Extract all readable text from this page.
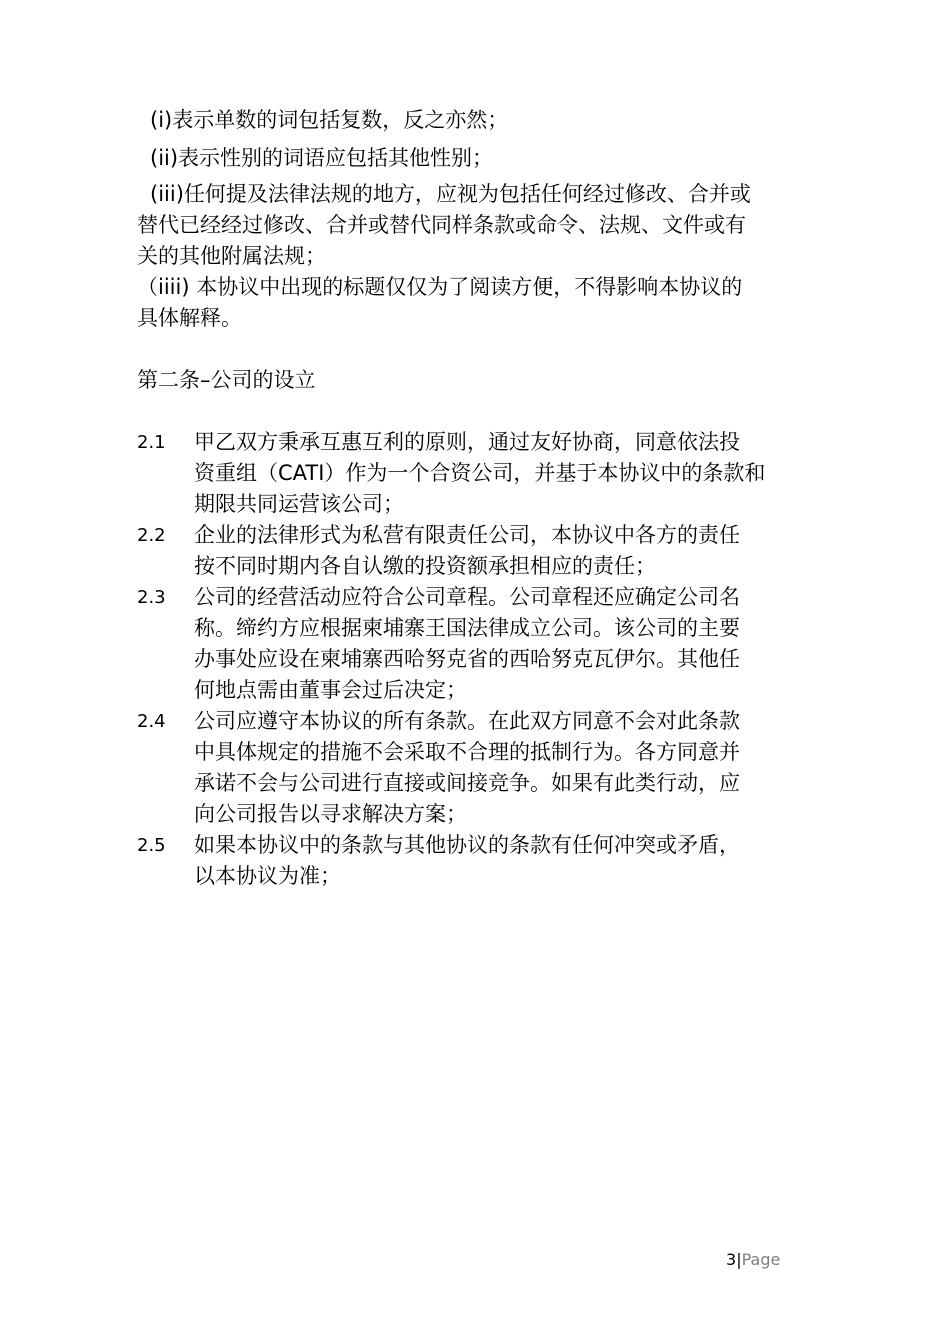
(i)表示单数的词包括复数，反之亦然；
(ii)表示性别的词语应包括其他性别；
(iii)任何提及法律法规的地方，应视为包括任何经过修改、合并或
替代已经经过修改、合并或替代同样条款或命令、法规、文件或有
关的其他附属法规；
（iiii) 本协议中出现的标题仅仅为了阅读方便，不得影响本协议的
具体解释。
第二条–公司的设立
2.1	甲乙双方秉承互惠互利的原则，通过友好协商，同意依法投
资重组（CATI）作为一个合资公司，并基于本协议中的条款和
期限共同运营该公司；
2.2	企业的法律形式为私营有限责任公司，本协议中各方的责任
按不同时期内各自认缴的投资额承担相应的责任；
2.3	公司的经营活动应符合公司章程。公司章程还应确定公司名
称。缔约方应根据柬埔寨王国法律成立公司。该公司的主要
办事处应设在柬埔寨西哈努克省的西哈努克瓦伊尔。其他任
何地点需由董事会过后决定；
2.4	公司应遵守本协议的所有条款。在此双方同意不会对此条款
中具体规定的措施不会采取不合理的抵制行为。各方同意并
承诺不会与公司进行直接或间接竞争。如果有此类行动，应
向公司报告以寻求解决方案；
2.5	如果本协议中的条款与其他协议的条款有任何冲突或矛盾，
以本协议为准；
3|Page
